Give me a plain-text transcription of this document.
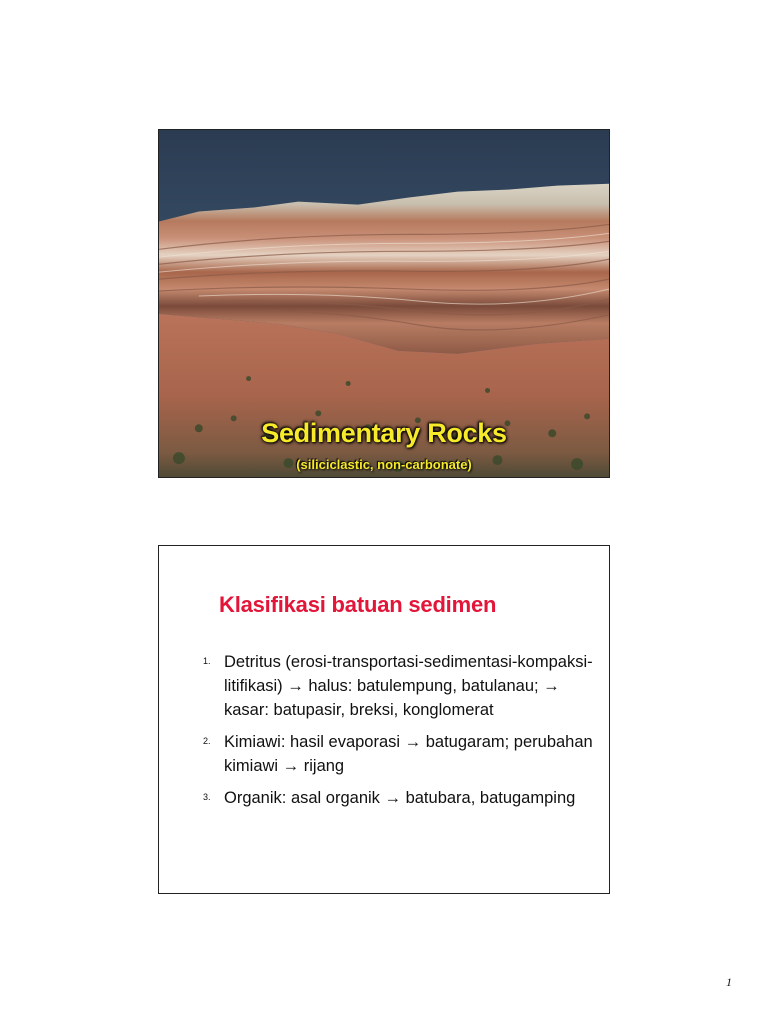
Sedimentary Rocks
(siliciclastic, non-carbonate)
Klasifikasi batuan sedimen
1. Detritus (erosi-transportasi-sedimentasi-kompaksi-litifikasi) → halus: batulempung, batulanau; → kasar: batupasir, breksi, konglomerat
2. Kimiawi: hasil evaporasi → batugaram; perubahan kimiawi → rijang
3. Organik: asal organik → batubara, batugamping
1
